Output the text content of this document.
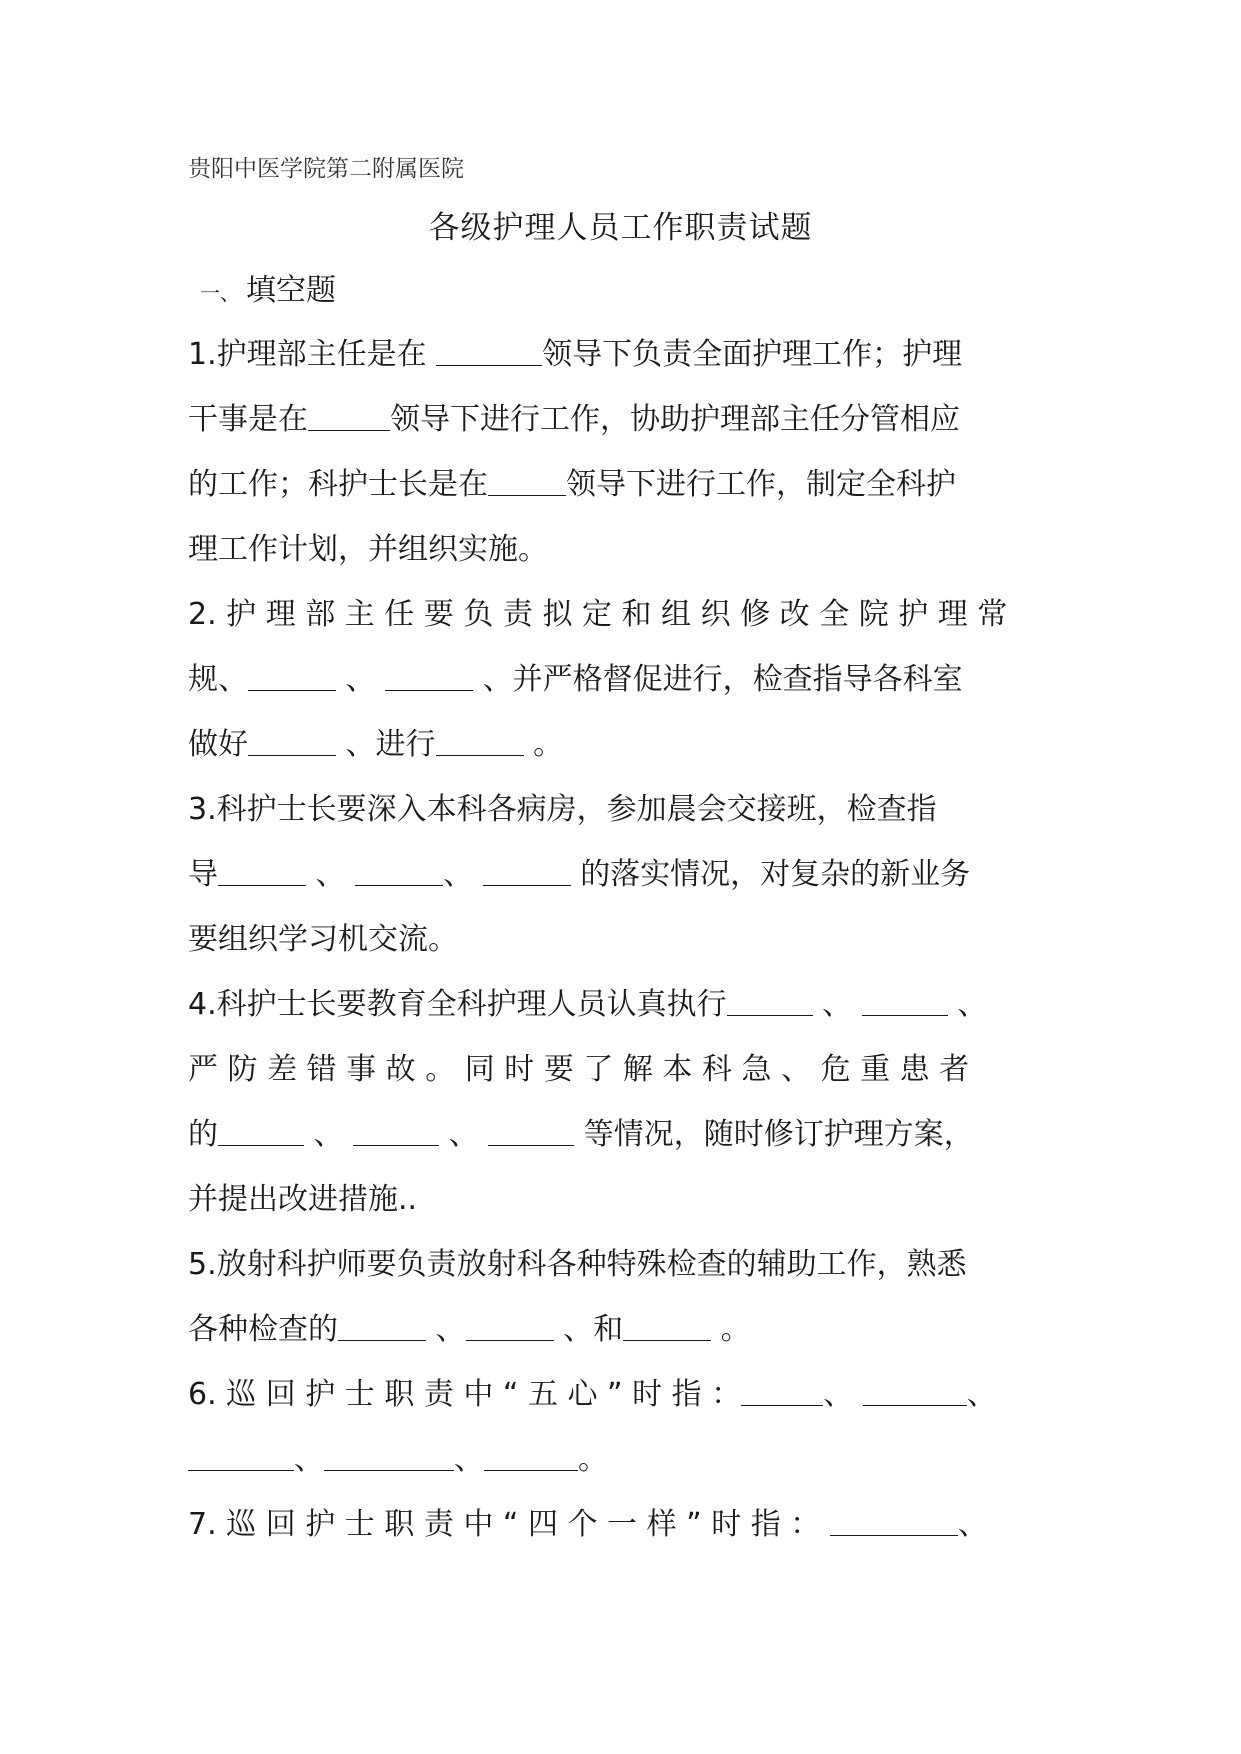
贵阳中医学院第二附属医院
各级护理人员工作职责试题
一、 填空题
1.护理部主任是在	领导下负责全面护理工作；护理
干事是在	领导下进行工作，协助护理部主任分管相应
的工作；科护士长是在	领导下进行工作，制定全科护
理工作计划，并组织实施。
2. 护 理 部 主 任 要 负 责 拟 定 和 组 织 修 改 全 院 护 理 常
规、	、	、并严格督促进行，检查指导各科室
做好	、进行	。
3.科护士长要深入本科各病房，参加晨会交接班，检查指
导	、	、	的落实情况，对复杂的新业务
要组织学习机交流。
4.科护士长要教育全科护理人员认真执行	、	、
严 防 差 错 事 故 。 同 时 要 了 解 本 科 急 、 危 重 患 者
的	、	、	等情况，随时修订护理方案，
并提出改进措施..
5.放射科护师要负责放射科各种特殊检查的辅助工作，熟悉
各种检查的	、	、和	。
6. 巡 回 护 士 职 责 中 “ 五 心 ” 时 指 ：	、	、
、	、	。
7. 巡 回 护 士 职 责 中 “ 四 个 一 样 ” 时 指 ：	、
